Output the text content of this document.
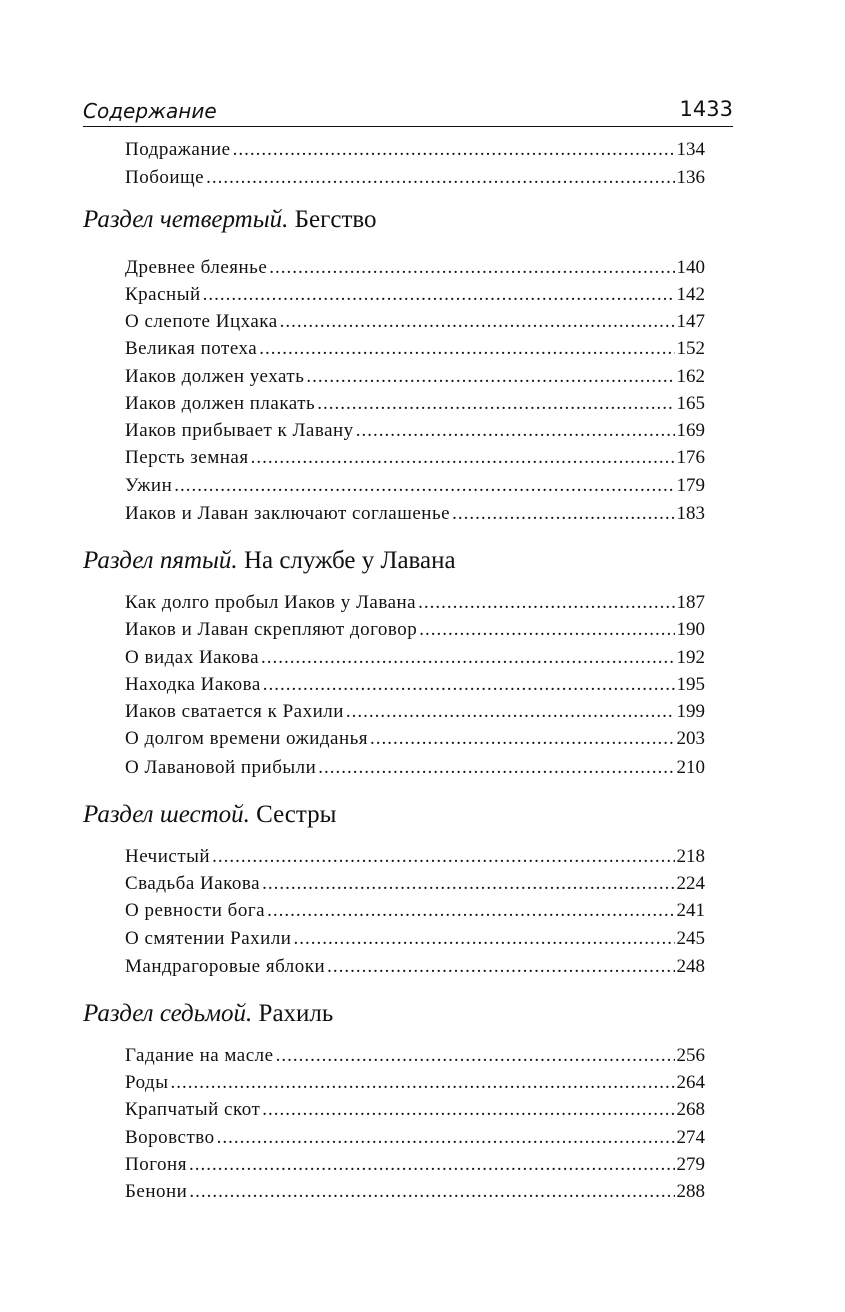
Содержание	1433
Подражание .....	134
Побоище .....	136
Раздел четвертый. Бегство
Древнее блеянье .....	140
Красный .....	142
О слепоте Ицхака .....	147
Великая потеха .....	152
Иаков должен уехать .....	162
Иаков должен плакать .....	165
Иаков прибывает к Лавану .....	169
Персть земная .....	176
Ужин .....	179
Иаков и Лаван заключают соглашенье .....	183
Раздел пятый. На службе у Лавана
Как долго пробыл Иаков у Лавана .....	187
Иаков и Лаван скрепляют договор .....	190
О видах Иакова .....	192
Находка Иакова .....	195
Иаков сватается к Рахили .....	199
О долгом времени ожиданья .....	203
О Лавановой прибыли .....	210
Раздел шестой. Сестры
Нечистый .....	218
Свадьба Иакова .....	224
О ревности бога .....	241
О смятении Рахили .....	245
Мандрагоровые яблоки .....	248
Раздел седьмой. Рахиль
Гадание на масле .....	256
Роды .....	264
Крапчатый скот .....	268
Воровство .....	274
Погоня .....	279
Бенони .....	288
